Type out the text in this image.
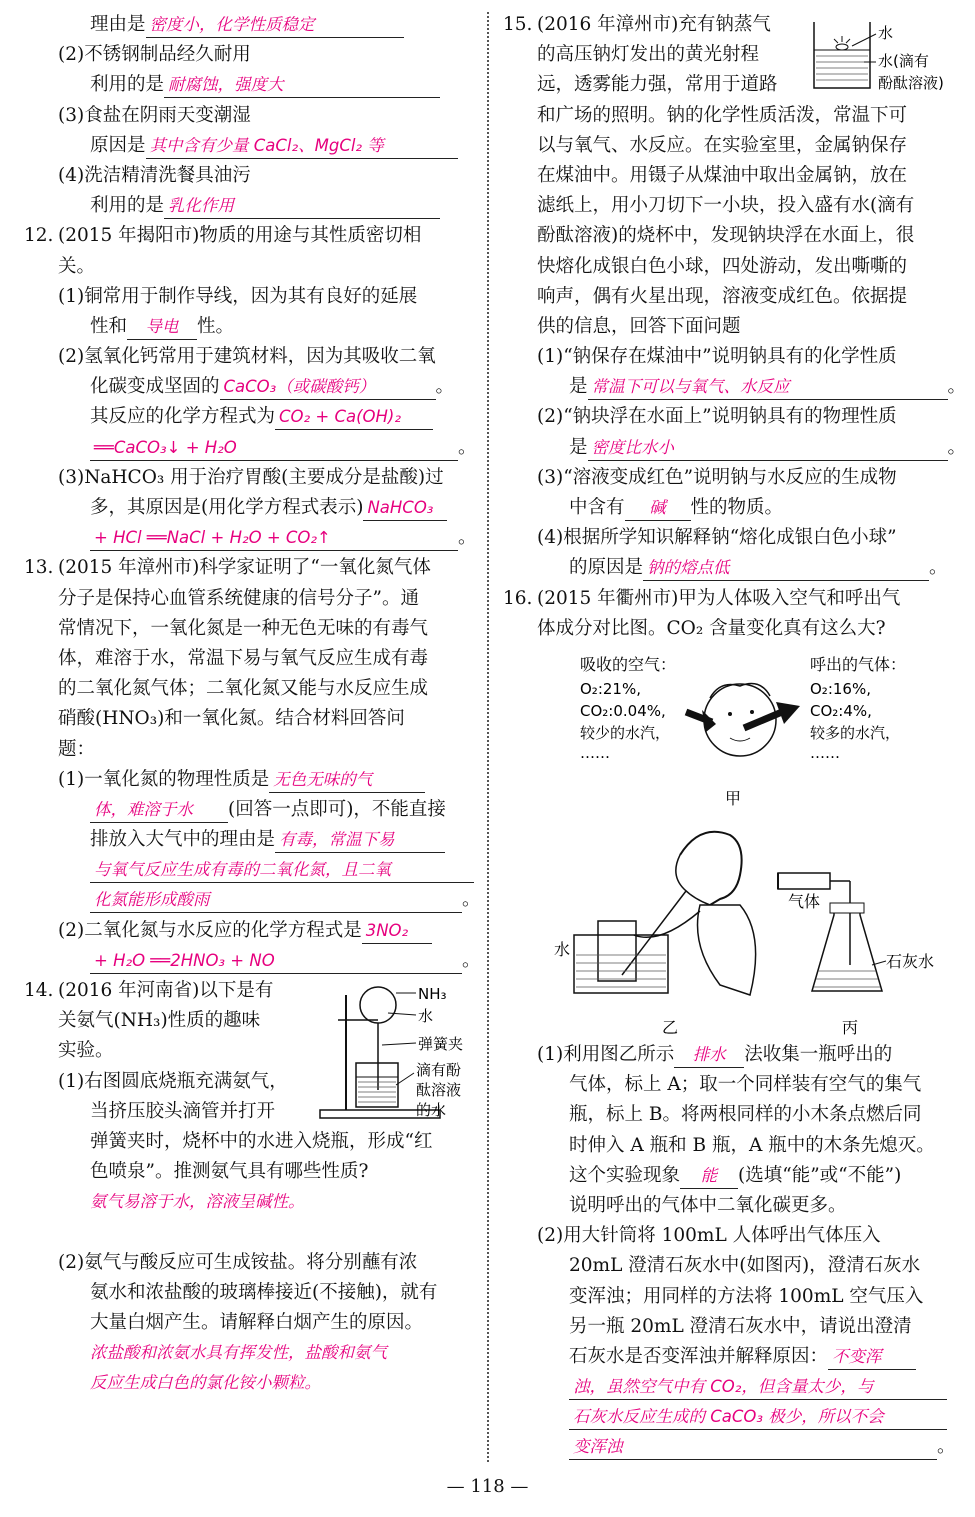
理由是 密度小，化学性质稳定
(2)不锈钢制品经久耐用
利用的是 耐腐蚀，强度大
(3)食盐在阴雨天变潮湿
原因是 其中含有少量 CaCl₂、MgCl₂ 等
(4)洗洁精清洗餐具油污
利用的是 乳化作用
12. (2015 年揭阳市)物质的用途与其性质密切相
关。
(1)铜常用于制作导线，因为其有良好的延展
性和 导电 性。
(2)氢氧化钙常用于建筑材料，因为其吸收二氧
化碳变成坚固的 CaCO₃（或碳酸钙）	。
其反应的化学方程式为 CO₂ + Ca(OH)₂
══CaCO₃↓ + H₂O	。
(3)NaHCO₃ 用于治疗胃酸(主要成分是盐酸)过
多，其原因是(用化学方程式表示) NaHCO₃
+ HCl ══NaCl + H₂O + CO₂↑	。
13. (2015 年漳州市)科学家证明了“一氧化氮气体
分子是保持心血管系统健康的信号分子”。通
常情况下，一氧化氮是一种无色无味的有毒气
体，难溶于水，常温下易与氧气反应生成有毒
的二氧化氮气体；二氧化氮又能与水反应生成
硝酸(HNO₃)和一氧化氮。结合材料回答问
题：
(1)一氧化氮的物理性质是 无色无味的气
体，难溶于水 (回答一点即可)，不能直接
排放入大气中的理由是 有毒，常温下易
与氧气反应生成有毒的二氧化氮，且二氧
化氮能形成酸雨	。
(2)二氧化氮与水反应的化学方程式是 3NO₂
+ H₂O ══2HNO₃ + NO	。
14. (2016 年河南省)以下是有
关氨气(NH₃)性质的趣味
实验。
(1)右图圆底烧瓶充满氨气，
当挤压胶头滴管并打开
弹簧夹时，烧杯中的水进入烧瓶，形成“红
色喷泉”。推测氨气具有哪些性质?
氨气易溶于水，溶液呈碱性。
(2)氨气与酸反应可生成铵盐。将分别蘸有浓
氨水和浓盐酸的玻璃棒接近(不接触)，就有
大量白烟产生。请解释白烟产生的原因。
浓盐酸和浓氨水具有挥发性，盐酸和氨气
反应生成白色的氯化铵小颗粒。
NH₃
水
弹簧夹
滴有酚
酞溶液
的水
15. (2016 年漳州市)充有钠蒸气
的高压钠灯发出的黄光射程
远，透雾能力强，常用于道路
和广场的照明。钠的化学性质活泼，常温下可
以与氧气、水反应。在实验室里，金属钠保存
在煤油中。用镊子从煤油中取出金属钠，放在
滤纸上，用小刀切下一小块，投入盛有水(滴有
酚酞溶液)的烧杯中，发现钠块浮在水面上，很
快熔化成银白色小球，四处游动，发出嘶嘶的
响声，偶有火星出现，溶液变成红色。依据提
供的信息，回答下面问题
(1)“钠保存在煤油中”说明钠具有的化学性质
是 常温下可以与氧气、水反应	。
(2)“钠块浮在水面上”说明钠具有的物理性质
是 密度比水小	。
(3)“溶液变成红色”说明钠与水反应的生成物
中含有 碱 性的物质。
(4)根据所学知识解释钠“熔化成银白色小球”
的原因是 钠的熔点低	。
16. (2015 年衢州市)甲为人体吸入空气和呼出气
体成分对比图。CO₂ 含量变化真有这么大?
水
水(滴有
酚酞溶液)
吸收的空气：
O₂:21%,
CO₂:0.04%,
较少的水汽，
……
呼出的气体：
O₂:16%,
CO₂:4%,
较多的水汽，
……
甲
水
乙
气体
石灰水
丙
(1)利用图乙所示 排水 法收集一瓶呼出的
气体，标上 A；取一个同样装有空气的集气
瓶，标上 B。将两根同样的小木条点燃后同
时伸入 A 瓶和 B 瓶，A 瓶中的木条先熄灭。
这个实验现象 能 (选填“能”或“不能”)
说明呼出的气体中二氧化碳更多。
(2)用大针筒将 100mL 人体呼出气体压入
20mL 澄清石灰水中(如图丙)，澄清石灰水
变浑浊；用同样的方法将 100mL 空气压入
另一瓶 20mL 澄清石灰水中，请说出澄清
石灰水是否变浑浊并解释原因： 不变浑
浊，虽然空气中有 CO₂，但含量太少，与
石灰水反应生成的 CaCO₃ 极少，所以不会
变浑浊	。
— 118 —
